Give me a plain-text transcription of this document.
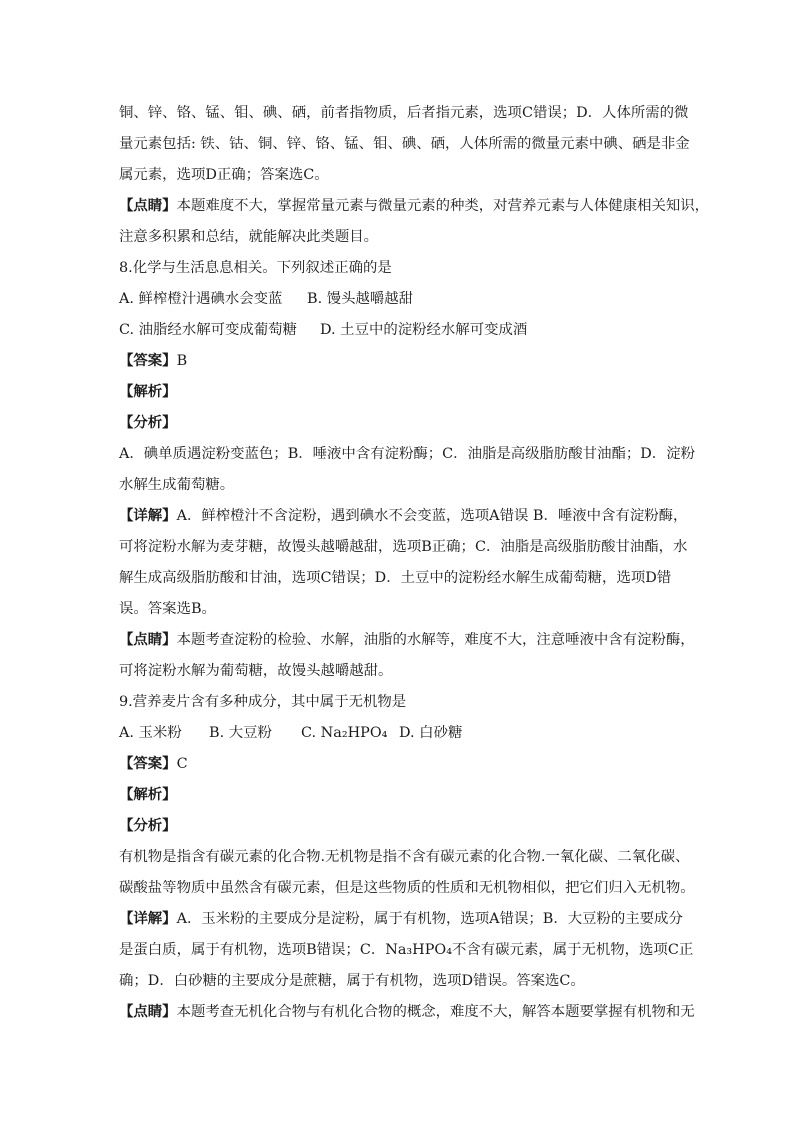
铜、锌、铬、锰、钼、碘、硒，前者指物质，后者指元素，选项C错误；D．人体所需的微
量元素包括: 铁、钴、铜、锌、铬、锰、钼、碘、硒，人体所需的微量元素中碘、硒是非金
属元素，选项D正确；答案选C。
【点睛】本题难度不大，掌握常量元素与微量元素的种类，对营养元素与人体健康相关知识，
注意多积累和总结，就能解决此类题目。
8.化学与生活息息相关。下列叙述正确的是
A. 鲜榨橙汁遇碘水会变蓝 B. 馒头越嚼越甜
C. 油脂经水解可变成葡萄糖 D. 土豆中的淀粉经水解可变成酒
【答案】B
【解析】
【分析】
A．碘单质遇淀粉变蓝色；B．唾液中含有淀粉酶；C．油脂是高级脂肪酸甘油酯；D．淀粉
水解生成葡萄糖。
【详解】A．鲜榨橙汁不含淀粉，遇到碘水不会变蓝，选项A错误 B．唾液中含有淀粉酶，
可将淀粉水解为麦芽糖，故馒头越嚼越甜，选项B正确；C．油脂是高级脂肪酸甘油酯，水
解生成高级脂肪酸和甘油，选项C错误；D．土豆中的淀粉经水解生成葡萄糖，选项D错
误。答案选B。
【点睛】本题考查淀粉的检验、水解，油脂的水解等，难度不大，注意唾液中含有淀粉酶，
可将淀粉水解为葡萄糖，故馒头越嚼越甜。
9.营养麦片含有多种成分，其中属于无机物是
A. 玉米粉 B. 大豆粉 C. Na₂HPO₄ D. 白砂糖
【答案】C
【解析】
【分析】
有机物是指含有碳元素的化合物.无机物是指不含有碳元素的化合物.一氧化碳、二氧化碳、
碳酸盐等物质中虽然含有碳元素，但是这些物质的性质和无机物相似，把它们归入无机物。
【详解】A．玉米粉的主要成分是淀粉，属于有机物，选项A错误；B．大豆粉的主要成分
是蛋白质，属于有机物，选项B错误；C．Na₃HPO₄不含有碳元素，属于无机物，选项C正
确；D．白砂糖的主要成分是蔗糖，属于有机物，选项D错误。答案选C。
【点睛】本题考查无机化合物与有机化合物的概念，难度不大，解答本题要掌握有机物和无
